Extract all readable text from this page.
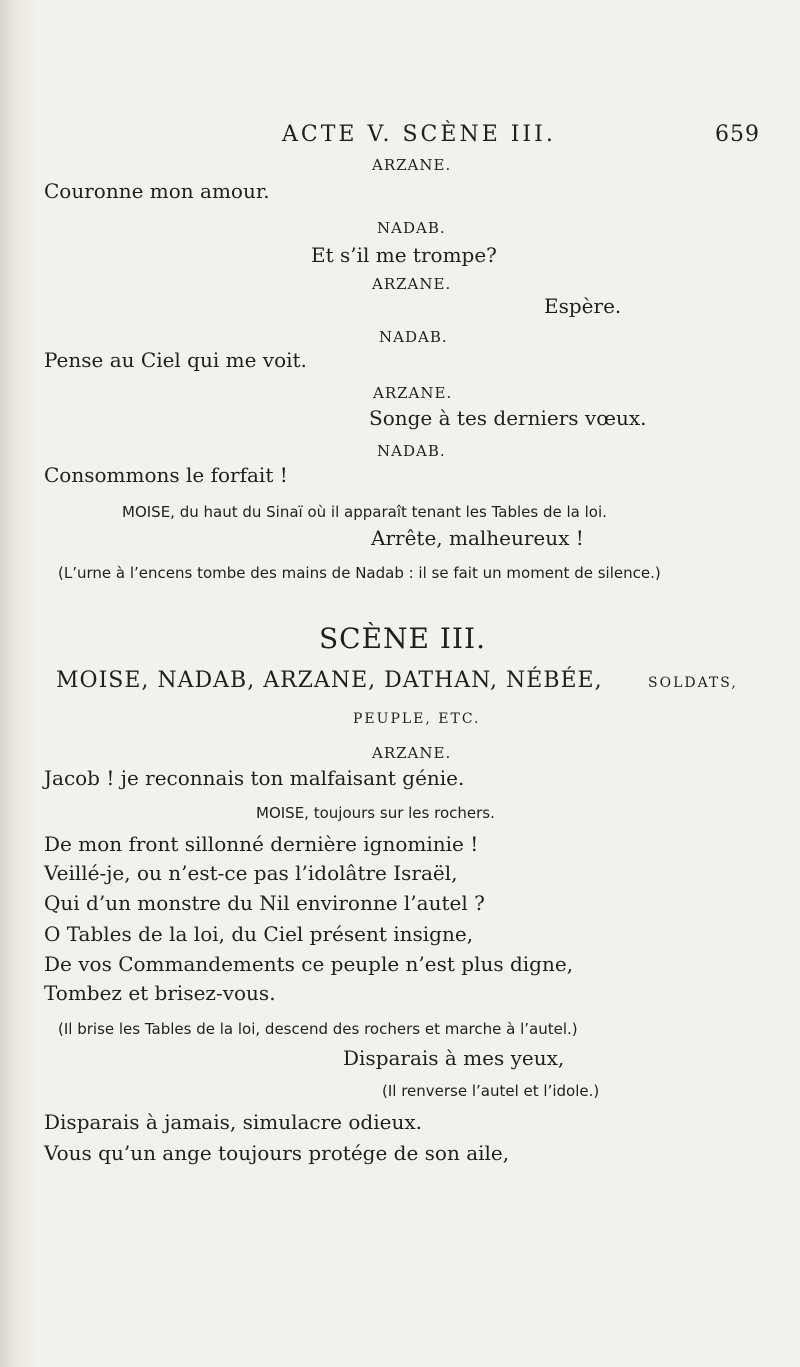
ACTE V. SCÈNE III.	659
ARZANE.
Couronne mon amour.
NADAB.
Et s’il me trompe?
ARZANE.
Espère.
NADAB.
Pense au Ciel qui me voit.
ARZANE.
Songe à tes derniers vœux.
NADAB.
Consommons le forfait !
MOISE, du haut du Sinaï où il apparaît tenant les Tables de la loi.
Arrête, malheureux !
(L’urne à l’encens tombe des mains de Nadab : il se fait un moment de silence.)
SCÈNE III.
MOISE, NADAB, ARZANE, DATHAN, NÉBÉE,	SOLDATS,
PEUPLE, ETC.
ARZANE.
Jacob ! je reconnais ton malfaisant génie.
MOISE, toujours sur les rochers.
De mon front sillonné dernière ignominie !
Veillé-je, ou n’est-ce pas l’idolâtre Israël,
Qui d’un monstre du Nil environne l’autel ?
O Tables de la loi, du Ciel présent insigne,
De vos Commandements ce peuple n’est plus digne,
Tombez et brisez-vous.
(Il brise les Tables de la loi, descend des rochers et marche à l’autel.)
Disparais à mes yeux,
(Il renverse l’autel et l’idole.)
Disparais à jamais, simulacre odieux.
Vous qu’un ange toujours protége de son aile,
